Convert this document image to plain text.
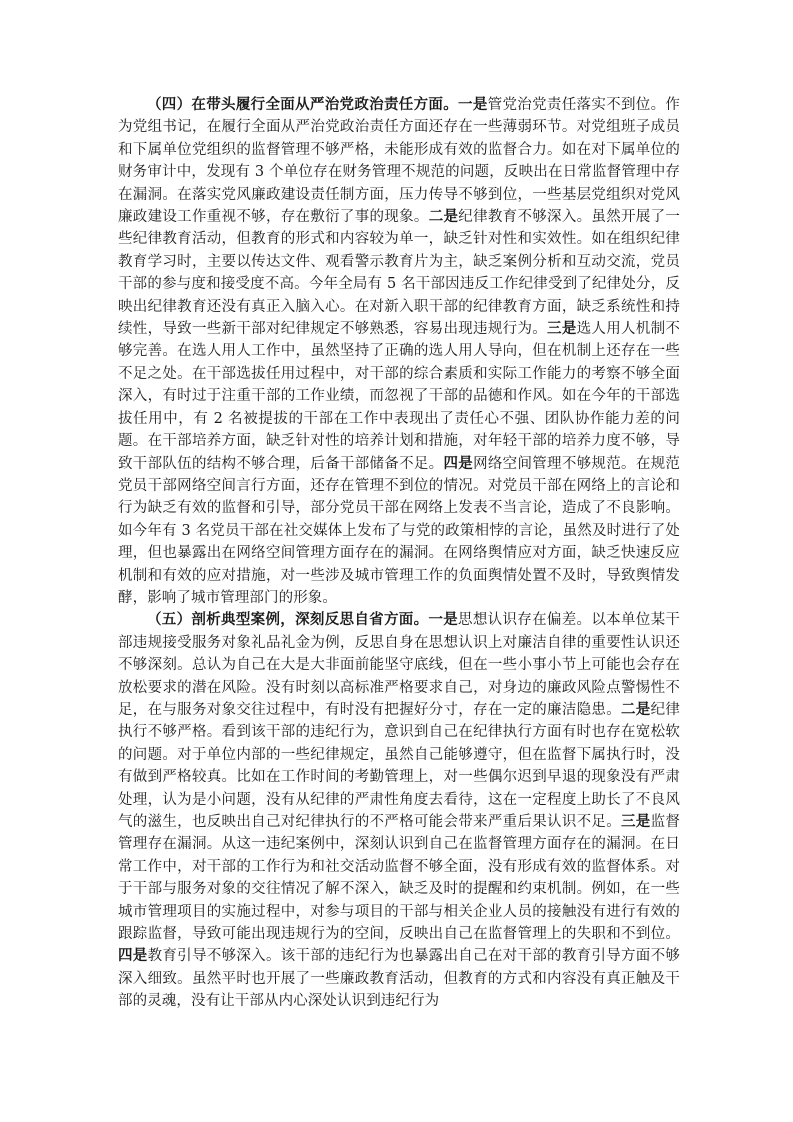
（四）在带头履行全面从严治党政治责任方面。一是管党治党责任落实不到位。作为党组书记，在履行全面从严治党政治责任方面还存在一些薄弱环节。对党组班子成员和下属单位党组织的监督管理不够严格，未能形成有效的监督合力。如在对下属单位的财务审计中，发现有 3 个单位存在财务管理不规范的问题，反映出在日常监督管理中存在漏洞。在落实党风廉政建设责任制方面，压力传导不够到位，一些基层党组织对党风廉政建设工作重视不够，存在敷衍了事的现象。二是纪律教育不够深入。虽然开展了一些纪律教育活动，但教育的形式和内容较为单一，缺乏针对性和实效性。如在组织纪律教育学习时，主要以传达文件、观看警示教育片为主，缺乏案例分析和互动交流，党员干部的参与度和接受度不高。今年全局有 5 名干部因违反工作纪律受到了纪律处分，反映出纪律教育还没有真正入脑入心。在对新入职干部的纪律教育方面，缺乏系统性和持续性，导致一些新干部对纪律规定不够熟悉，容易出现违规行为。三是选人用人机制不够完善。在选人用人工作中，虽然坚持了正确的选人用人导向，但在机制上还存在一些不足之处。在干部选拔任用过程中，对干部的综合素质和实际工作能力的考察不够全面深入，有时过于注重干部的工作业绩，而忽视了干部的品德和作风。如在今年的干部选拔任用中，有 2 名被提拔的干部在工作中表现出了责任心不强、团队协作能力差的问题。在干部培养方面，缺乏针对性的培养计划和措施，对年轻干部的培养力度不够，导致干部队伍的结构不够合理，后备干部储备不足。四是网络空间管理不够规范。在规范党员干部网络空间言行方面，还存在管理不到位的情况。对党员干部在网络上的言论和行为缺乏有效的监督和引导，部分党员干部在网络上发表不当言论，造成了不良影响。如今年有 3 名党员干部在社交媒体上发布了与党的政策相悖的言论，虽然及时进行了处理，但也暴露出在网络空间管理方面存在的漏洞。在网络舆情应对方面，缺乏快速反应机制和有效的应对措施，对一些涉及城市管理工作的负面舆情处置不及时，导致舆情发酵，影响了城市管理部门的形象。

（五）剖析典型案例，深刻反思自省方面。一是思想认识存在偏差。以本单位某干部违规接受服务对象礼品礼金为例，反思自身在思想认识上对廉洁自律的重要性认识还不够深刻。总认为自己在大是大非面前能坚守底线，但在一些小事小节上可能也会存在放松要求的潜在风险。没有时刻以高标准严格要求自己，对身边的廉政风险点警惕性不足，在与服务对象交往过程中，有时没有把握好分寸，存在一定的廉洁隐患。二是纪律执行不够严格。看到该干部的违纪行为，意识到自己在纪律执行方面有时也存在宽松软的问题。对于单位内部的一些纪律规定，虽然自己能够遵守，但在监督下属执行时，没有做到严格较真。比如在工作时间的考勤管理上，对一些偶尔迟到早退的现象没有严肃处理，认为是小问题，没有从纪律的严肃性角度去看待，这在一定程度上助长了不良风气的滋生，也反映出自己对纪律执行的不严格可能会带来严重后果认识不足。三是监督管理存在漏洞。从这一违纪案例中，深刻认识到自己在监督管理方面存在的漏洞。在日常工作中，对干部的工作行为和社交活动监督不够全面，没有形成有效的监督体系。对于干部与服务对象的交往情况了解不深入，缺乏及时的提醒和约束机制。例如，在一些城市管理项目的实施过程中，对参与项目的干部与相关企业人员的接触没有进行有效的跟踪监督，导致可能出现违规行为的空间，反映出自己在监督管理上的失职和不到位。四是教育引导不够深入。该干部的违纪行为也暴露出自己在对干部的教育引导方面不够深入细致。虽然平时也开展了一些廉政教育活动，但教育的方式和内容没有真正触及干部的灵魂，没有让干部从内心深处认识到违纪行为
